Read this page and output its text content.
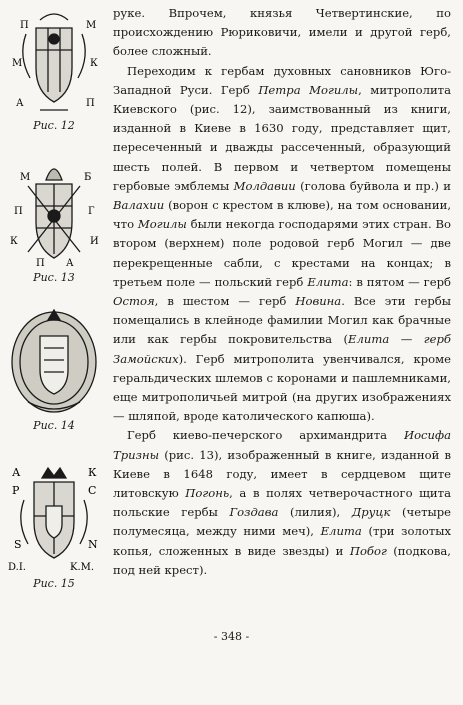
П	М
М	К
А	П
Рис. 12
М	Б
П	Г
К
П А
И
Рис. 13
Рис. 14
А
Р
К
С
S	N
D.I.	K.M.
Рис. 15

руке. Впрочем, князья Четвертинские, по происхождению Рюриковичи, имели и другой герб, более сложный.

Переходим к гербам духовных сановников Юго-Западной Руси. Герб Петра Могилы, митрополита Киевского (рис. 12), заимствованный из книги, изданной в Киеве в 1630 году, представляет щит, пересеченный и дважды рассеченный, образующий шесть полей. В первом и четвертом помещены гербовые эмблемы Молдавии (голова буйвола и пр.) и Валахии (ворон с крестом в клюве), на том основании, что Могилы были некогда господарями этих стран. Во втором (верхнем) поле родовой герб Могил — две перекрещенные сабли, с крестами на концах; в третьем поле — польский герб Елита: в пятом — герб Остоя, в шестом — герб Новина. Все эти гербы помещались в клейноде фамилии Могил как брачные или как гербы покровительства (Елита — герб Замойских). Герб митрополита увенчивался, кроме геральдических шлемов с коронами и пашлемниками, еще митрополичьей митрой (на других изображениях — шляпой, вроде католического капюша).

Герб киево-печерского архимандрита Иосифа Тризны (рис. 13), изображенный в книге, изданной в Киеве в 1648 году, имеет в сердцевом щите литовскую Погонь, а в полях четверочастного щита польские гербы Гоздава (лилия), Друцк (четыре полумесяца, между ними меч), Елита (три золотых копья, сложенных в виде звезды) и Побог (подкова, под ней крест).

- 348 -
